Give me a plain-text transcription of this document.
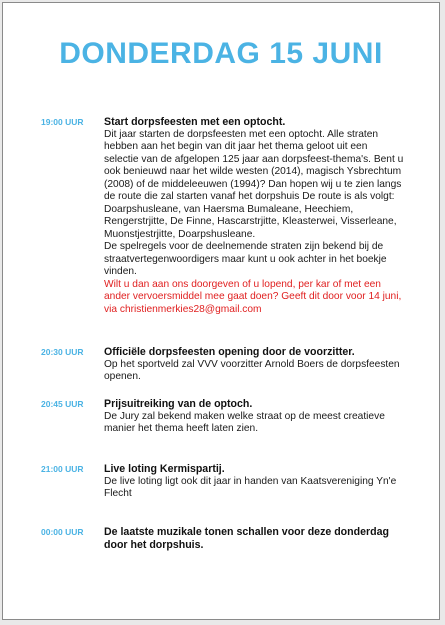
DONDERDAG 15 JUNI
19:00 UUR Start dorpsfeesten met een optocht.

Dit jaar starten de dorpsfeesten met een optocht. Alle straten hebben aan het begin van dit jaar het thema geloot uit een selectie van de afgelopen 125 jaar aan dorpsfeest-thema's. Bent u ook benieuwd naar het wilde westen (2014), magisch Ysbrechtum (2008) of de middeleeuwen (1994)? Dan hopen wij u te zien langs de route die zal starten vanaf het dorpshuis De route is als volgt: Doarpshusleane, van Haersma Bumaleane, Heechiem, Rengerstrjitte, De Finne, Hascarstrjitte, Kleasterwei, Visserleane, Muonstjestrjitte, Doarpshusleane.

De spelregels voor de deelnemende straten zijn bekend bij de straatvertegenwoordigers maar kunt u ook achter in het boekje vinden.

Wilt u dan aan ons doorgeven of u lopend, per kar of met een ander vervoersmiddel mee gaat doen? Geeft dit door voor 14 juni, via christienmerkies28@gmail.com

20:30 UUR Officiële dorpsfeesten opening door de voorzitter.

Op het sportveld zal VVV voorzitter Arnold Boers de dorpsfeesten openen.

20:45 UUR Prijsuitreiking van de optoch.

De Jury zal bekend maken welke straat op de meest creatieve manier het thema heeft laten zien.

21:00 UUR Live loting Kermispartij.

De live loting ligt ook dit jaar in handen van Kaatsvereniging Yn'e Flecht

00:00 UUR De laatste muzikale tonen schallen voor deze donderdag door het dorpshuis.
